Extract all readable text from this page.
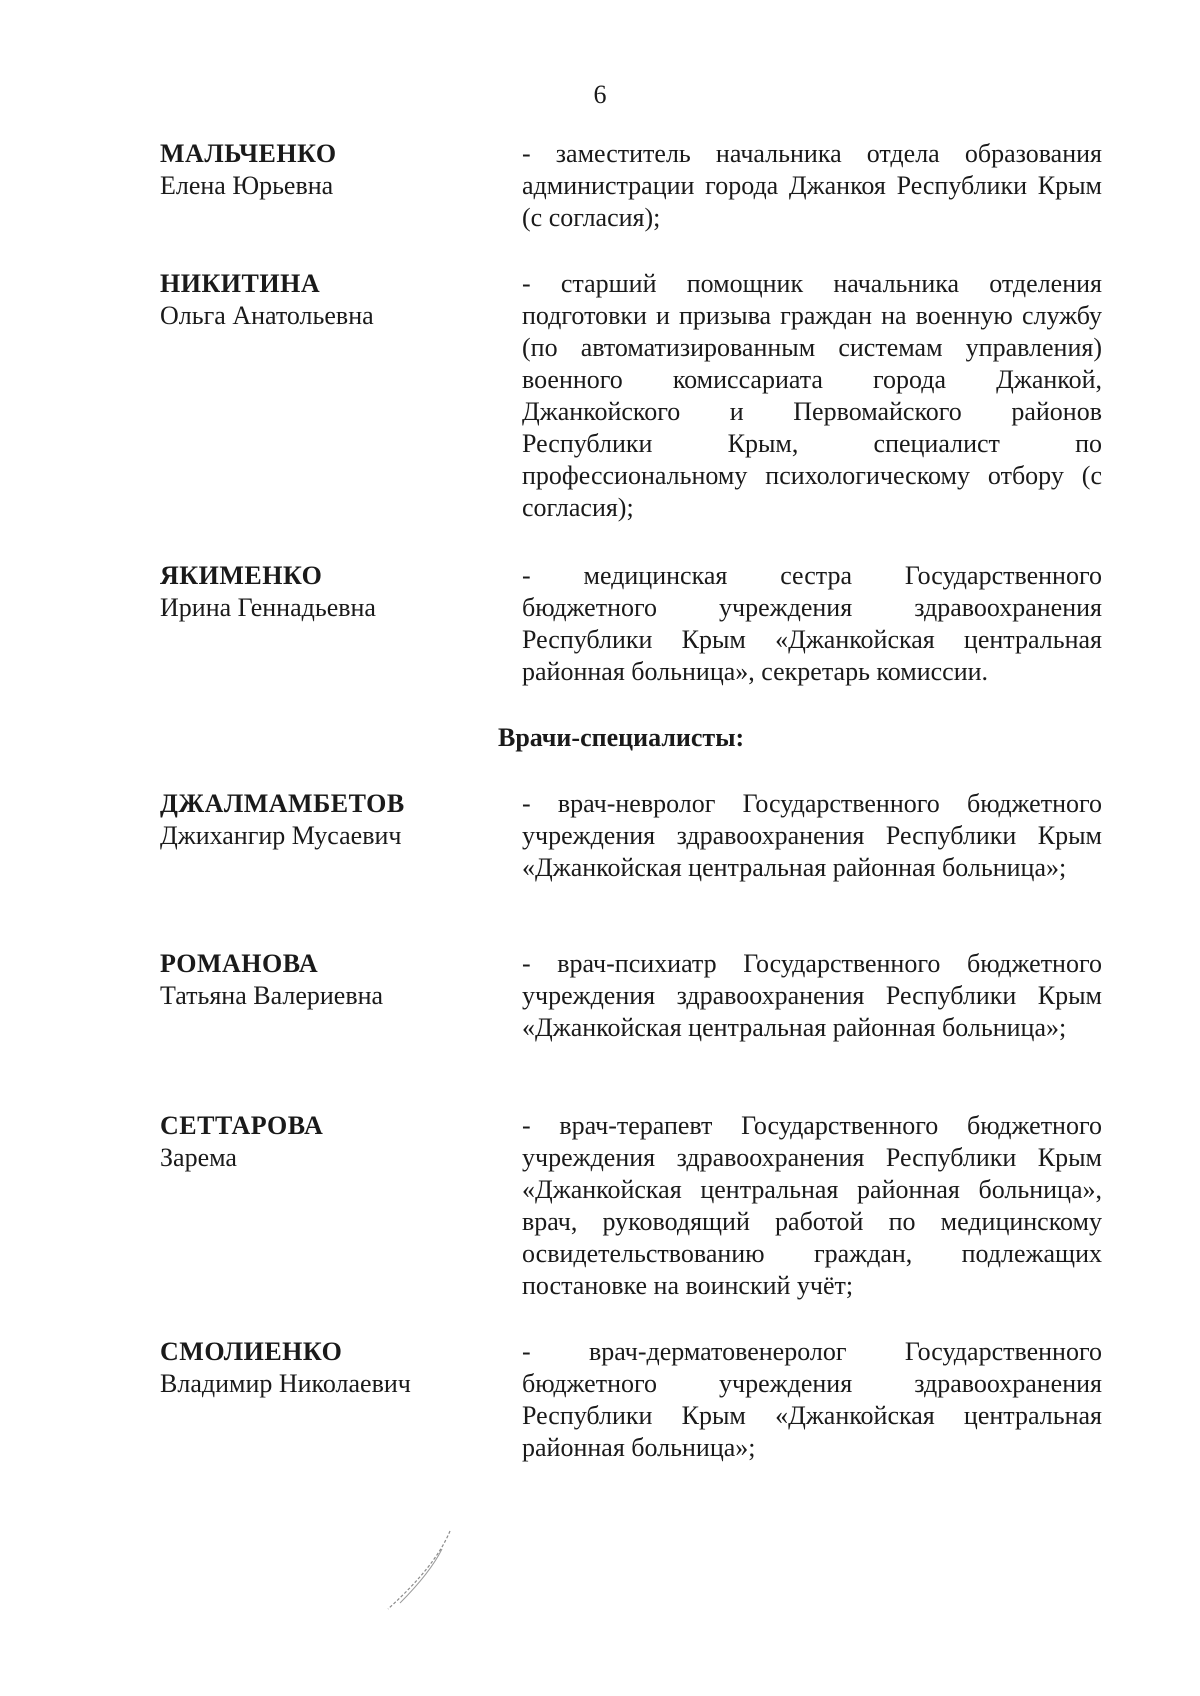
6
МАЛЬЧЕНКО
Елена Юрьевна
- заместитель начальника отдела образования администрации города Джанкоя Республики Крым (с согласия);
НИКИТИНА
Ольга Анатольевна
- старший помощник начальника отделения подготовки и призыва граждан на военную службу (по автоматизированным системам управления) военного комиссариата города Джанкой, Джанкойского и Первомайского районов Республики Крым, специалист по профессиональному психологическому отбору (с согласия);
ЯКИМЕНКО
Ирина Геннадьевна
- медицинская сестра Государственного бюджетного учреждения здравоохранения Республики Крым «Джанкойская центральная районная больница», секретарь комиссии.
Врачи-специалисты:
ДЖАЛМАМБЕТОВ
Джихангир Мусаевич
- врач-невролог Государственного бюджетного учреждения здравоохранения Республики Крым «Джанкойская центральная районная больница»;
РОМАНОВА
Татьяна Валериевна
- врач-психиатр Государственного бюджетного учреждения здравоохранения Республики Крым «Джанкойская центральная районная больница»;
СЕТТАРОВА
Зарема
- врач-терапевт Государственного бюджетного учреждения здравоохранения Республики Крым «Джанкойская центральная районная больница», врач, руководящий работой по медицинскому освидетельствованию граждан, подлежащих постановке на воинский учёт;
СМОЛИЕНКО
Владимир Николаевич
- врач-дерматовенеролог Государственного бюджетного учреждения здравоохранения Республики Крым «Джанкойская центральная районная больница»;
